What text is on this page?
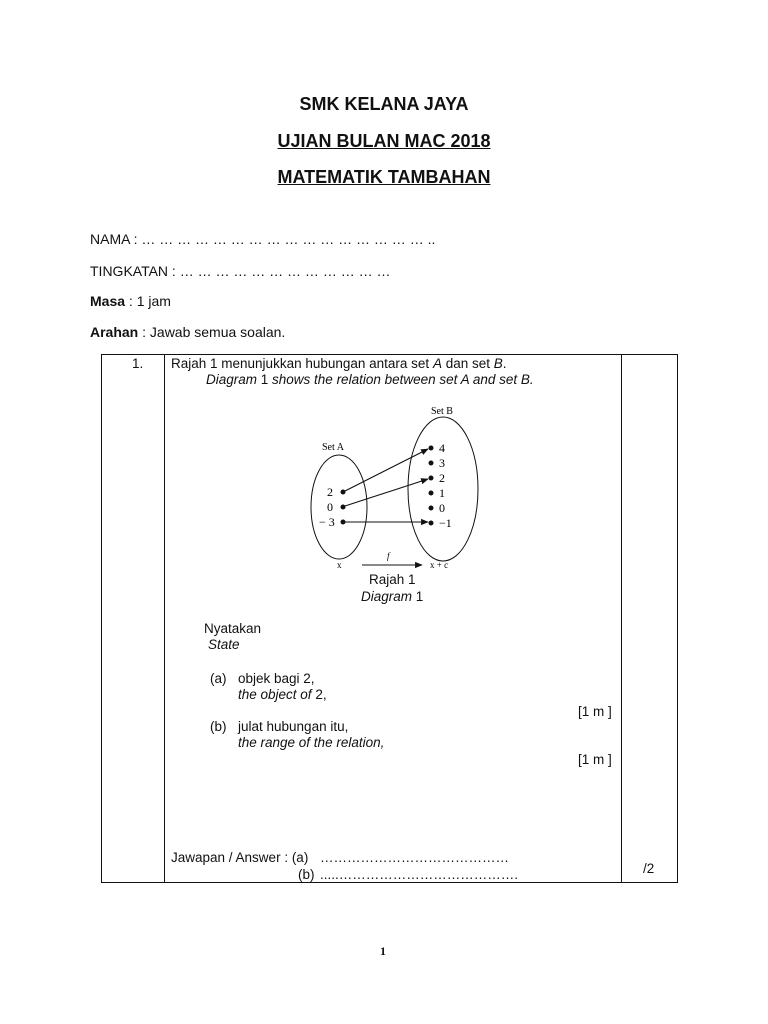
SMK KELANA JAYA
UJIAN BULAN MAC 2018
MATEMATIK TAMBAHAN
NAMA : … … … … … … … … … … … … … … … … ..
TINGKATAN : … … … … … … … … … … … …
Masa : 1 jam
Arahan : Jawab semua soalan.
1. Rajah 1 menunjukkan hubungan antara set A dan set B.
Diagram 1 shows the relation between set A and set B.
Set A
Set B
2
0
− 3
4
3
2
1
0
−1
x
f
x + c
Rajah 1
Diagram 1
Nyatakan
State
(a) objek bagi 2,
the object of 2,
[1 m ]
(b) julat hubungan itu,
the range of the relation,
[1 m ]
Jawapan / Answer : (a) ……………………………………
(b) .....………………………………….	/2
1
